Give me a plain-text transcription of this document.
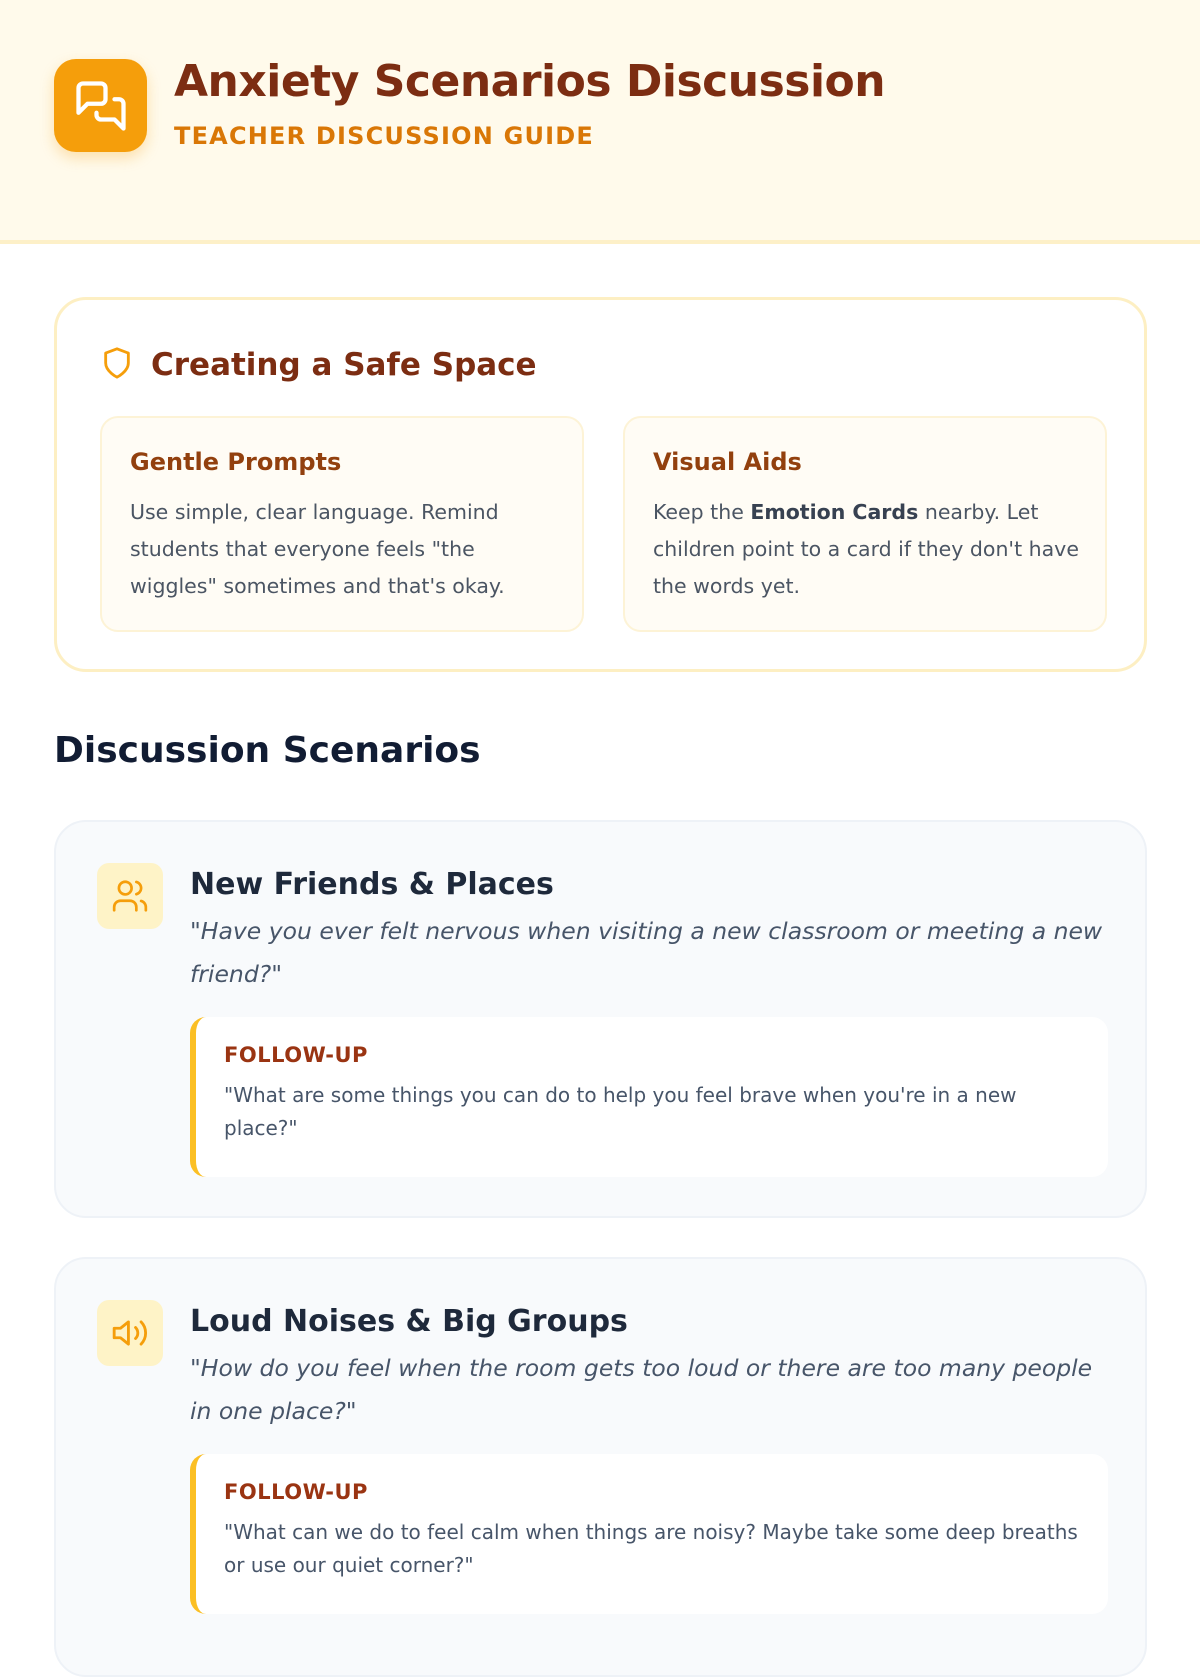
Anxiety Scenarios Discussion
TEACHER DISCUSSION GUIDE
Creating a Safe Space
Gentle Prompts
Use simple, clear language. Remind students that everyone feels "the wiggles" sometimes and that's okay.
Visual Aids
Keep the Emotion Cards nearby. Let children point to a card if they don't have the words yet.
Discussion Scenarios
New Friends & Places
"Have you ever felt nervous when visiting a new classroom or meeting a new friend?"
FOLLOW-UP
"What are some things you can do to help you feel brave when you're in a new place?"
Loud Noises & Big Groups
"How do you feel when the room gets too loud or there are too many people in one place?"
FOLLOW-UP
"What can we do to feel calm when things are noisy? Maybe take some deep breaths or use our quiet corner?"
